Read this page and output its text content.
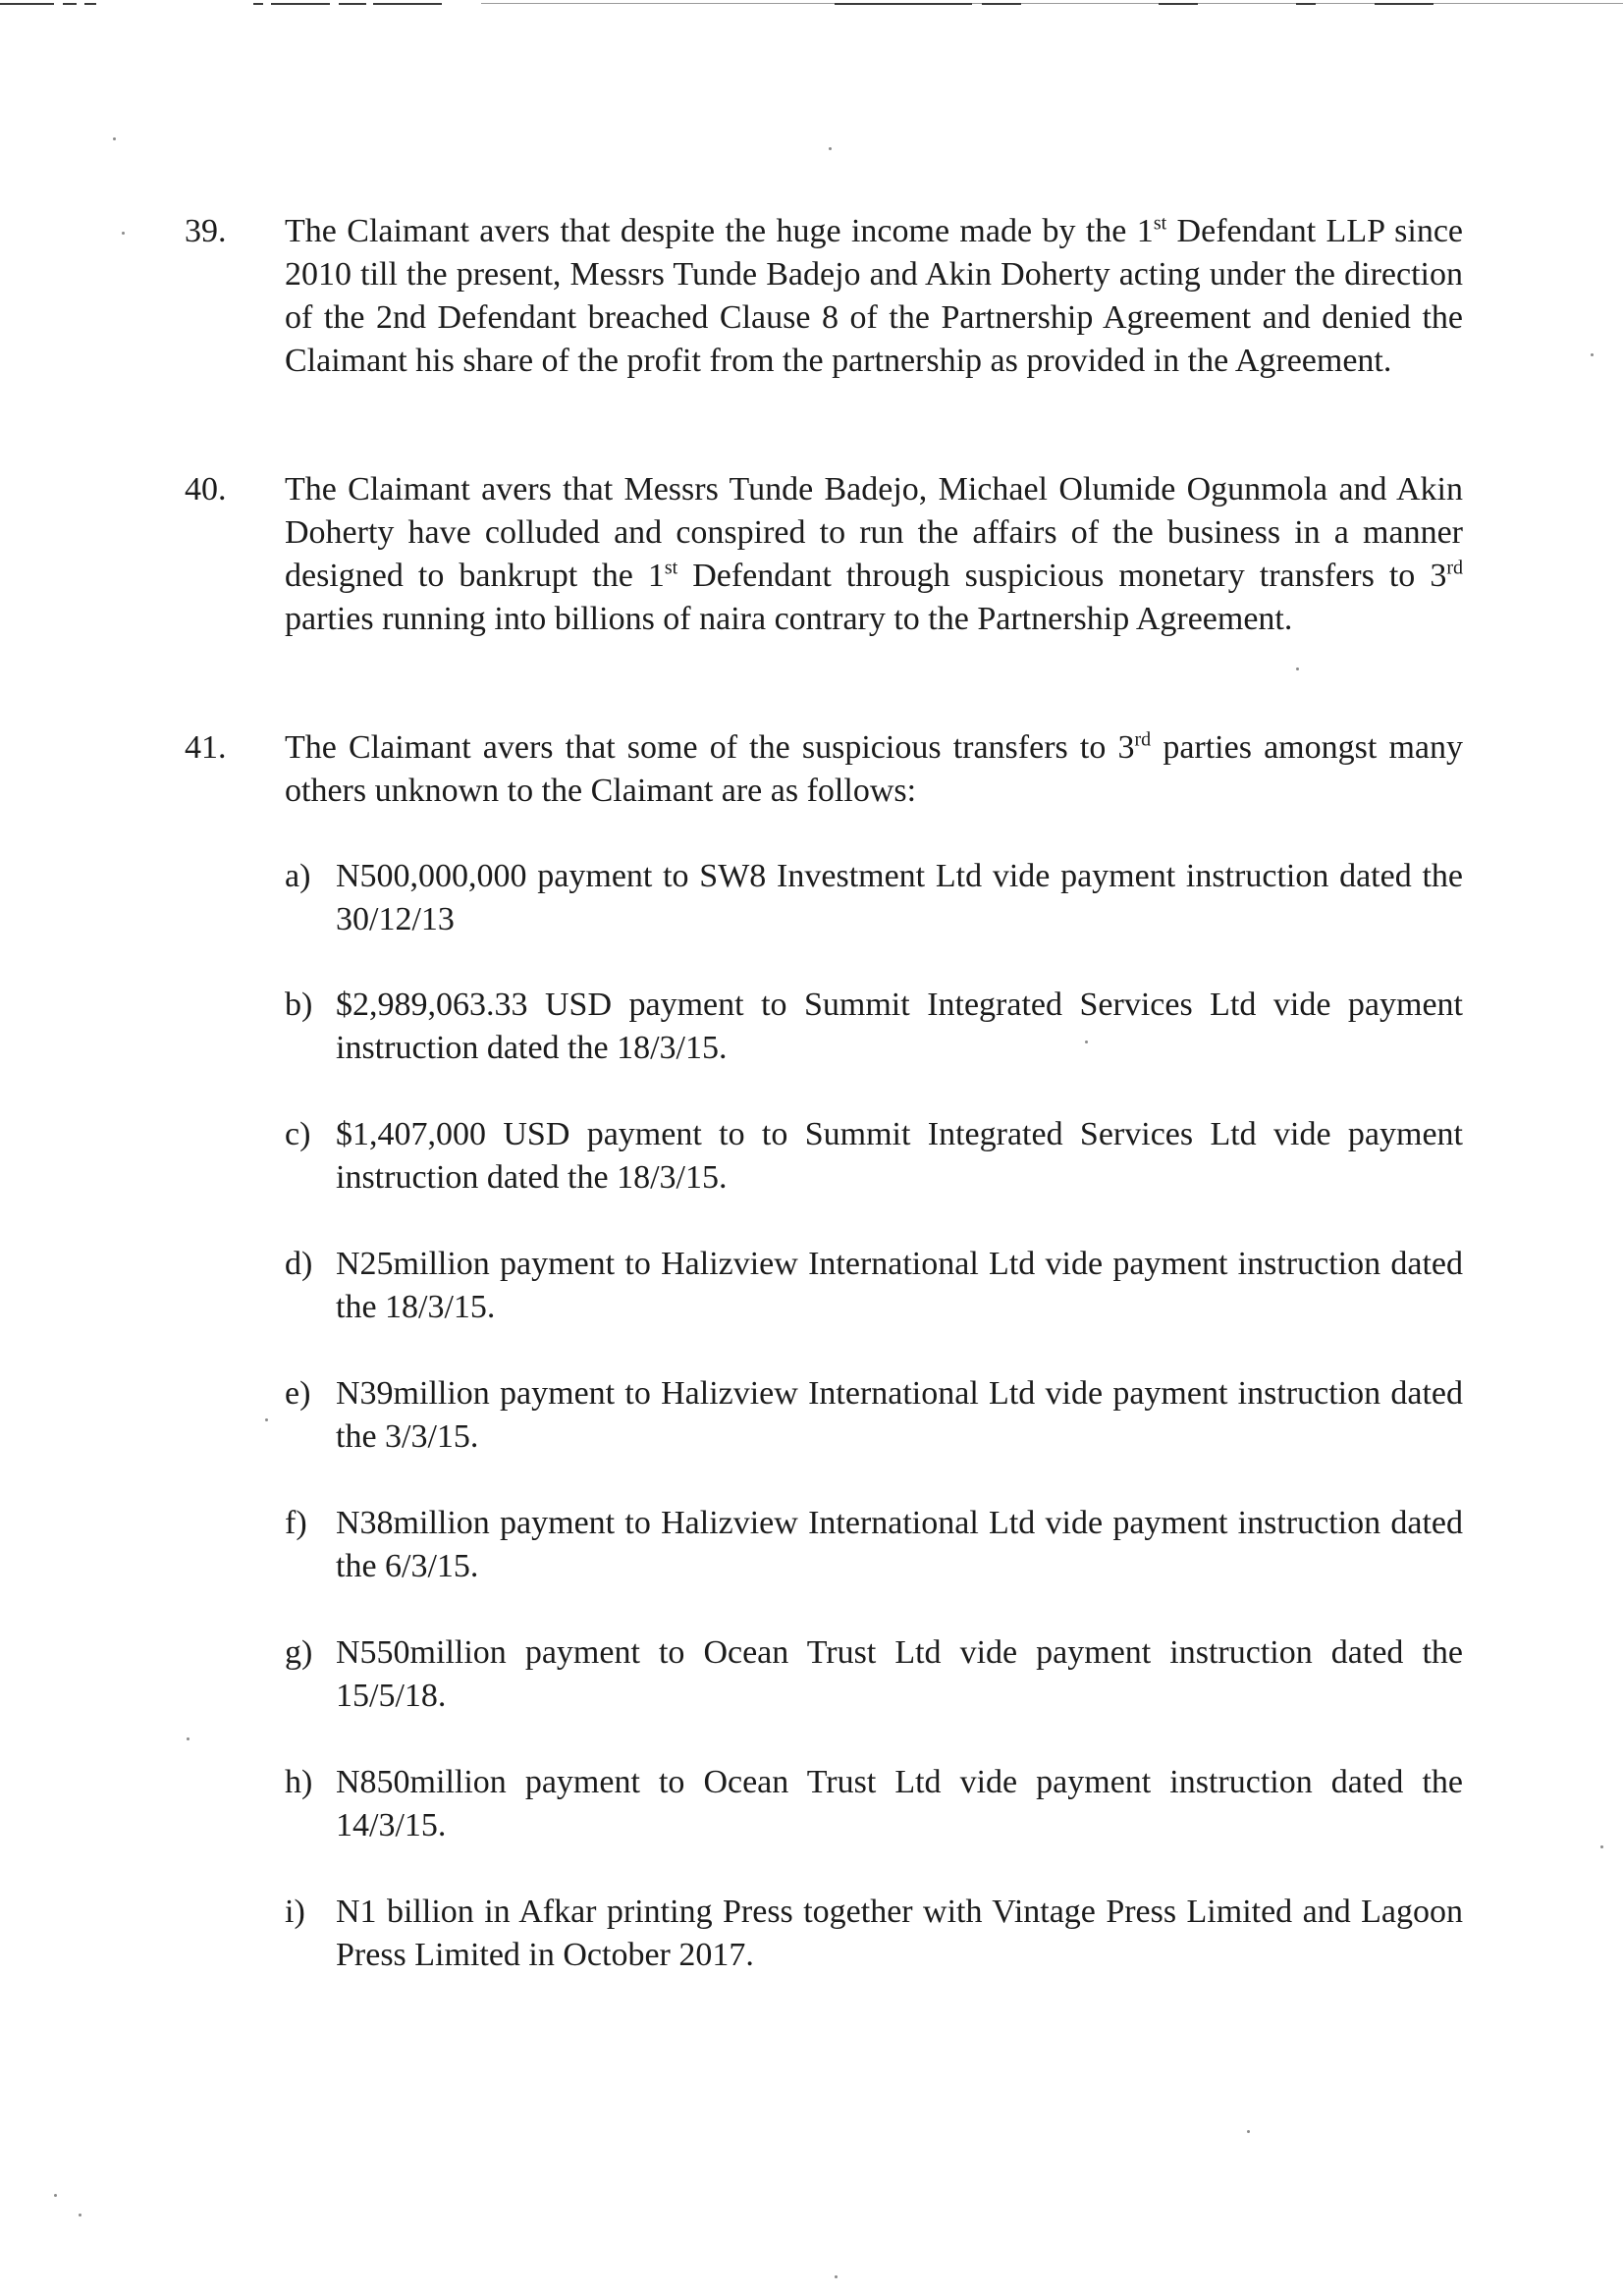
39.	The Claimant avers that despite the huge income made by the 1st Defendant LLP since 2010 till the present, Messrs Tunde Badejo and Akin Doherty acting under the direction of the 2nd Defendant breached Clause 8 of the Partnership Agreement and denied the Claimant his share of the profit from the partnership as provided in the Agreement.
40.	The Claimant avers that Messrs Tunde Badejo, Michael Olumide Ogunmola and Akin Doherty have colluded and conspired to run the affairs of the business in a manner designed to bankrupt the 1st Defendant through suspicious monetary transfers to 3rd parties running into billions of naira contrary to the Partnership Agreement.
41.	The Claimant avers that some of the suspicious transfers to 3rd parties amongst many others unknown to the Claimant are as follows:
a) N500,000,000 payment to SW8 Investment Ltd vide payment instruction dated the 30/12/13
b) $2,989,063.33 USD payment to Summit Integrated Services Ltd vide payment instruction dated the 18/3/15.
c) $1,407,000 USD payment to to Summit Integrated Services Ltd vide payment instruction dated the 18/3/15.
d) N25million payment to Halizview International Ltd vide payment instruction dated the 18/3/15.
e) N39million payment to Halizview International Ltd vide payment instruction dated the 3/3/15.
f) N38million payment to Halizview International Ltd vide payment instruction dated the 6/3/15.
g) N550million payment to Ocean Trust Ltd vide payment instruction dated the 15/5/18.
h) N850million payment to Ocean Trust Ltd vide payment instruction dated the 14/3/15.
i) N1 billion in Afkar printing Press together with Vintage Press Limited and Lagoon Press Limited in October 2017.
